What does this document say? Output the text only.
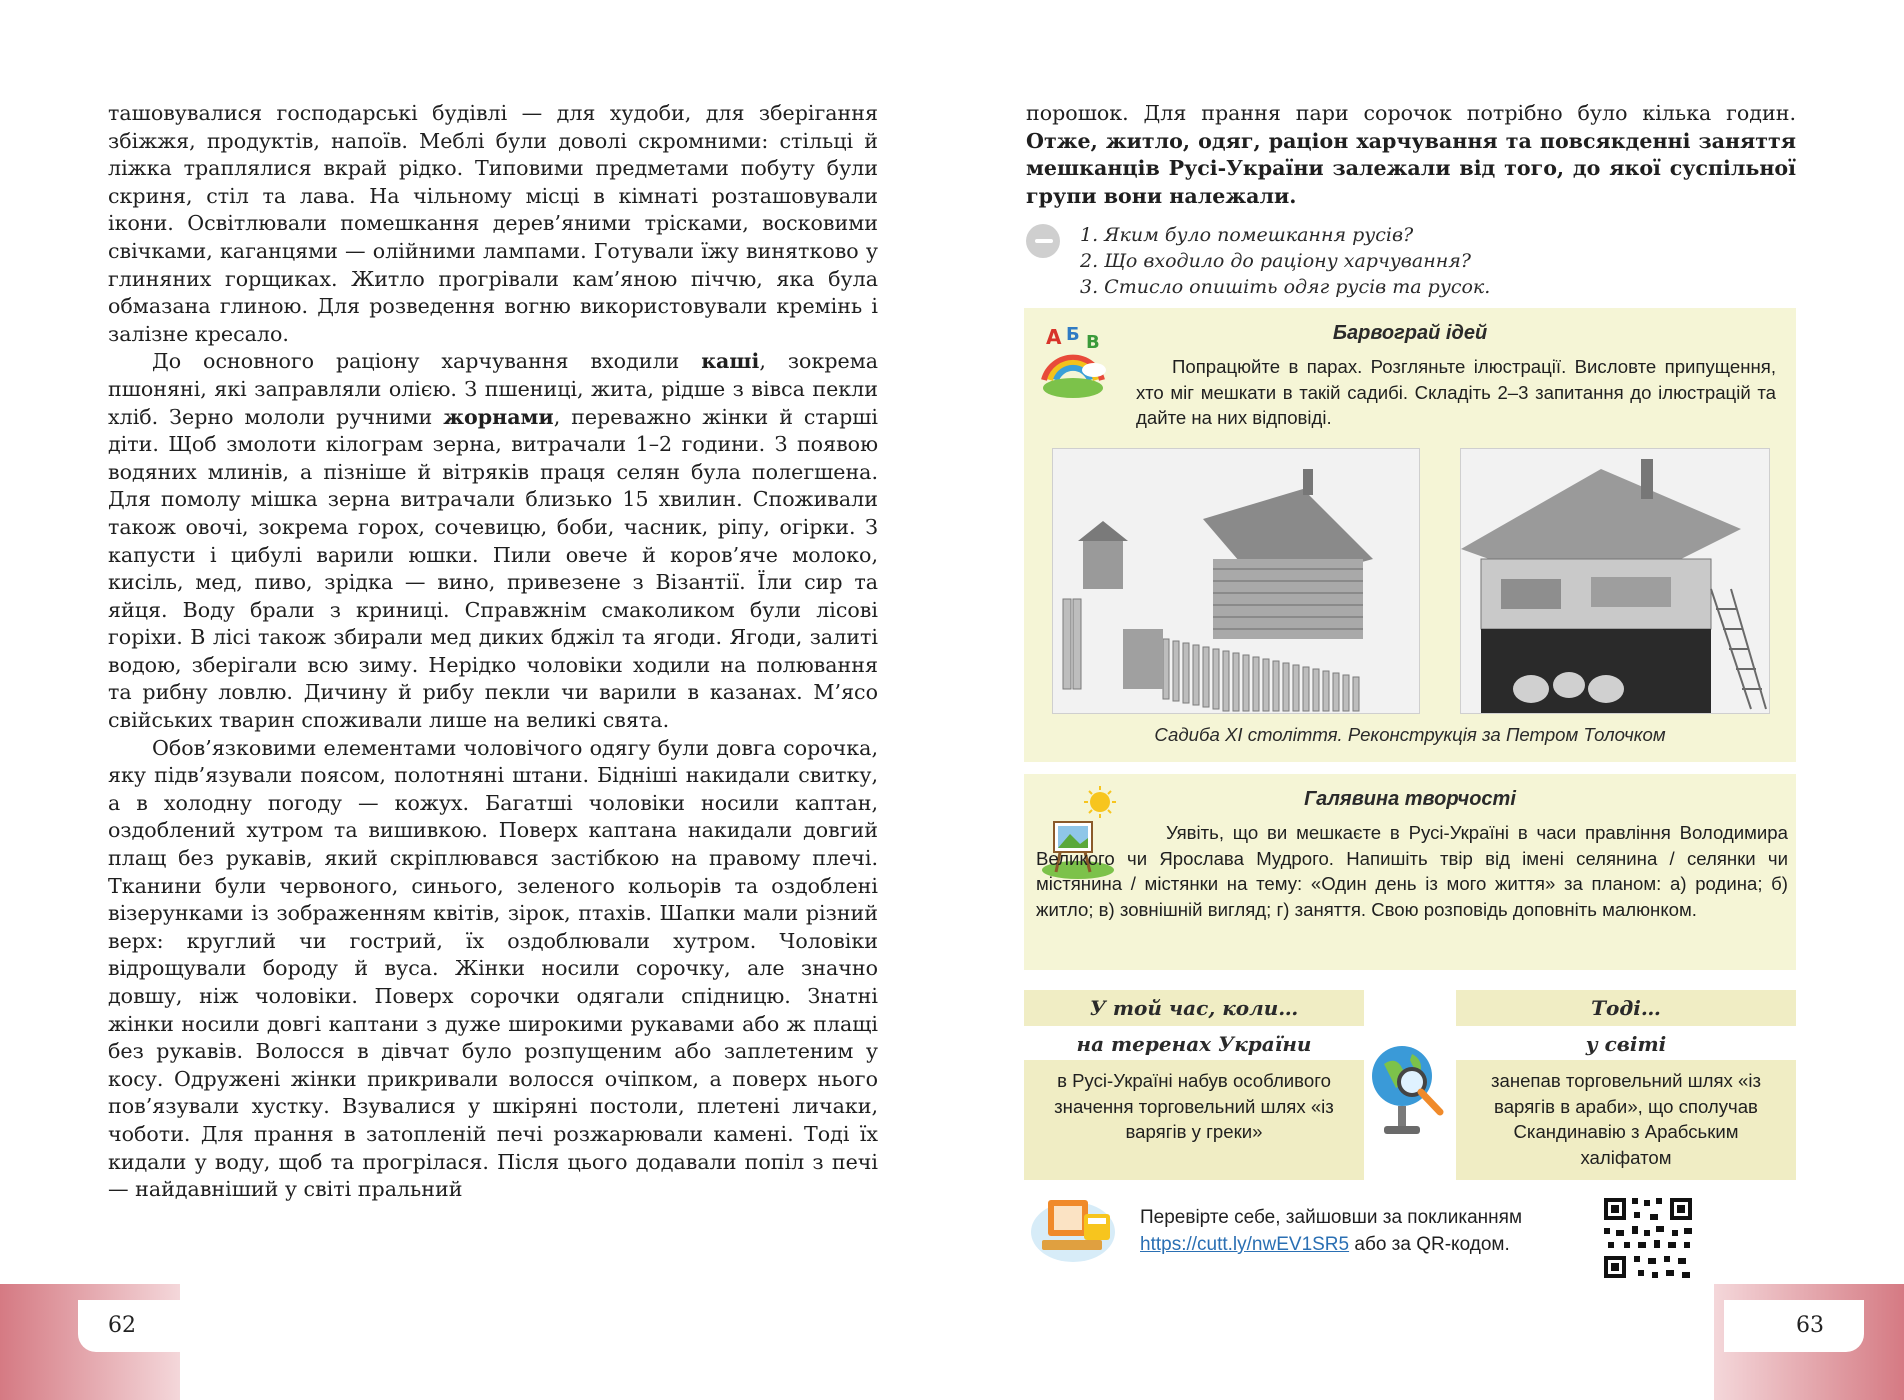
ташовувалися господарські будівлі — для худоби, для зберігання збіжжя, продуктів, напоїв. Меблі були доволі скромними: стільці й ліжка траплялися вкрай рідко. Типовими предметами побуту були скриня, стіл та лава. На чільному місці в кімнаті розташовували ікони. Освітлювали помешкання дерев’яними трісками, восковими свічками, каганцями — олійними лампами. Готували їжу винятково у глиняних горщиках. Житло прогрівали кам’яною піччю, яка була обмазана глиною. Для розведення вогню використовували кремінь і залізне кресало.

До основного раціону харчування входили каші, зокрема пшоняні, які заправляли олією. З пшениці, жита, рідше з вівса пекли хліб. Зерно мололи ручними жорнами, переважно жінки й старші діти. Щоб змолоти кілограм зерна, витрачали 1–2 години. З появою водяних млинів, а пізніше й вітряків праця селян була полегшена. Для помолу мішка зерна витрачали близько 15 хвилин. Споживали також овочі, зокрема горох, сочевицю, боби, часник, ріпу, огірки. З капусти і цибулі варили юшки. Пили овече й коров’яче молоко, кисіль, мед, пиво, зрідка — вино, привезене з Візантії. Їли сир та яйця. Воду брали з криниці. Справжнім смаколиком були лісові горіхи. В лісі також збирали мед диких бджіл та ягоди. Ягоди, залиті водою, зберігали всю зиму. Нерідко чоловіки ходили на полювання та рибну ловлю. Дичину й рибу пекли чи варили в казанах. М’ясо свійських тварин споживали лише на великі свята.

Обов’язковими елементами чоловічого одягу були довга сорочка, яку підв’язували поясом, полотняні штани. Бідніші накидали свитку, а в холодну погоду — кожух. Багатші чоловіки носили каптан, оздоблений хутром та вишивкою. Поверх каптана накидали довгий плащ без рукавів, який скріплювався застібкою на правому плечі. Тканини були червоного, синього, зеленого кольорів та оздоблені візерунками із зображенням квітів, зірок, птахів. Шапки мали різний верх: круглий чи гострий, їх оздоблювали хутром. Чоловіки відрощували бороду й вуса. Жінки носили сорочку, але значно довшу, ніж чоловіки. Поверх сорочки одягали спідницю. Знатні жінки носили довгі каптани з дуже широкими рукавами або ж плащі без рукавів. Волосся в дівчат було розпущеним або заплетеним у косу. Одружені жінки прикривали волосся очіпком, а поверх нього пов’язували хустку. Взувалися у шкіряні постоли, плетені личаки, чоботи. Для прання в затопленій печі розжарювали камені. Тоді їх кидали у воду, щоб та прогрілася. Після цього додавали попіл з печі — найдавніший у світі пральний

порошок. Для прання пари сорочок потрібно було кілька годин. Отже, житло, одяг, раціон харчування та повсякденні заняття мешканців Русі-України залежали від того, до якої суспільної групи вони належали.

1. Яким було помешкання русів?
2. Що входило до раціону харчування?
3. Стисло опишіть одяг русів та русок.
А Б В	Барвограй ідей

Попрацюйте в парах. Розгляньте ілюстрації. Висловте припущення, хто міг мешкати в такій садибі. Складіть 2–3 запитання до ілюстрацій та дайте на них відповіді.

Садиба XI століття. Реконструкція за Петром Толочком
Галявина творчості

Уявіть, що ви мешкаєте в Русі-Україні в часи правління Володимира Великого чи Ярослава Мудрого. Напишіть твір від імені селянина / селянки чи містянина / містянки на тему: «Один день із мого життя» за планом: а) родина; б) житло; в) зовнішній вигляд; г) заняття. Свою розповідь доповніть малюнком.

У той час, коли…
на теренах України
в Русі-Україні набув особливого значення торговельний шлях «із варягів у греки»
Тоді…
у світі
занепав торговельний шлях «із варягів в араби», що сполучав Скандинавію з Арабським халіфатом
Перевірте себе, зайшовши за покликанням
https://cutt.ly/nwEV1SR5 або за QR-кодом.
62	63
